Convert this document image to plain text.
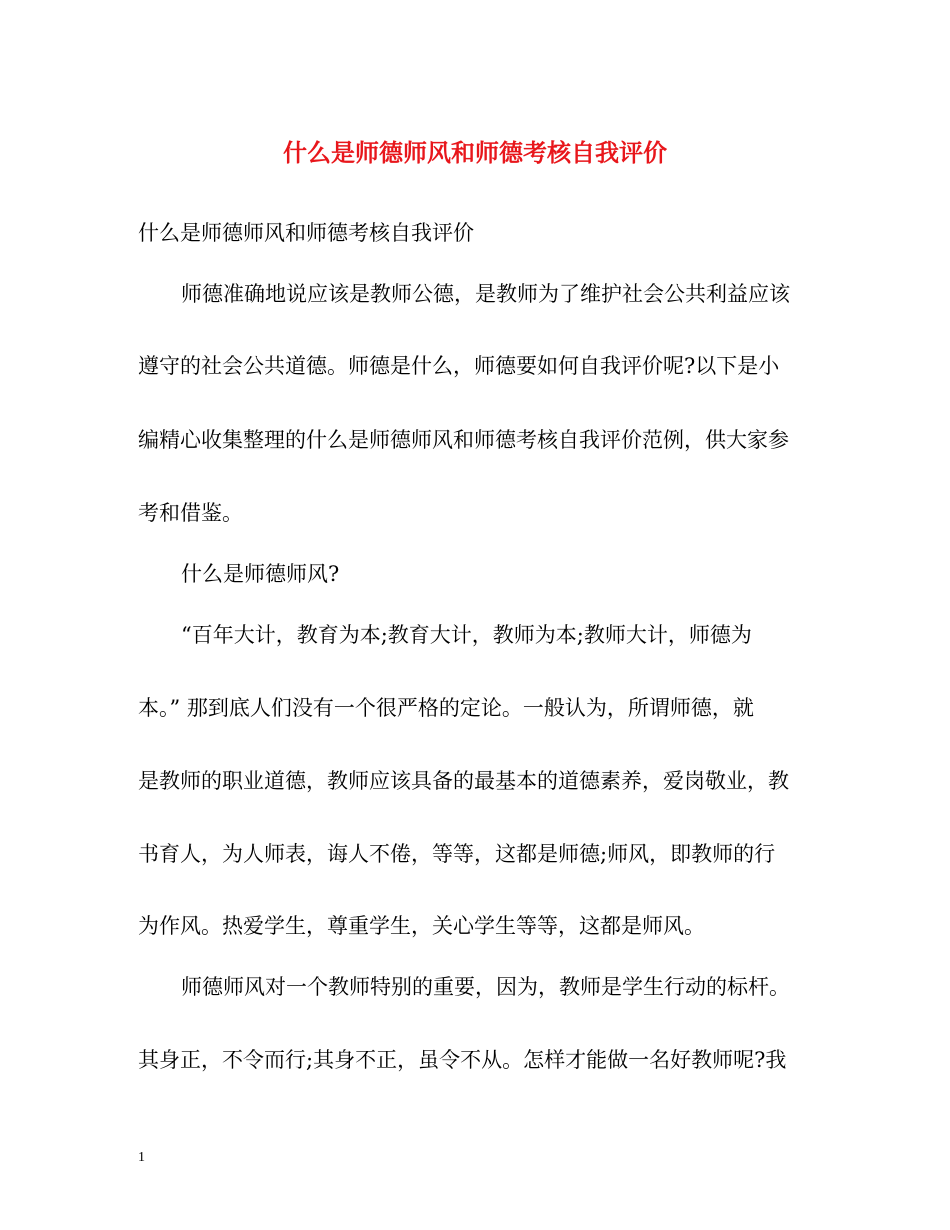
什么是师德师风和师德考核自我评价
什么是师德师风和师德考核自我评价
师德准确地说应该是教师公德，是教师为了维护社会公共利益应该
遵守的社会公共道德。师德是什么，师德要如何自我评价呢?以下是小
编精心收集整理的什么是师德师风和师德考核自我评价范例，供大家参
考和借鉴。
什么是师德师风?
“百年大计，教育为本;教育大计，教师为本;教师大计，师德为
本。” 那到底人们没有一个很严格的定论。一般认为，所谓师德，就
是教师的职业道德，教师应该具备的最基本的道德素养，爱岗敬业，教
书育人，为人师表，诲人不倦，等等，这都是师德;师风，即教师的行
为作风。热爱学生，尊重学生，关心学生等等，这都是师风。
师德师风对一个教师特别的重要，因为，教师是学生行动的标杆。
其身正，不令而行;其身不正，虽令不从。怎样才能做一名好教师呢?我
1
